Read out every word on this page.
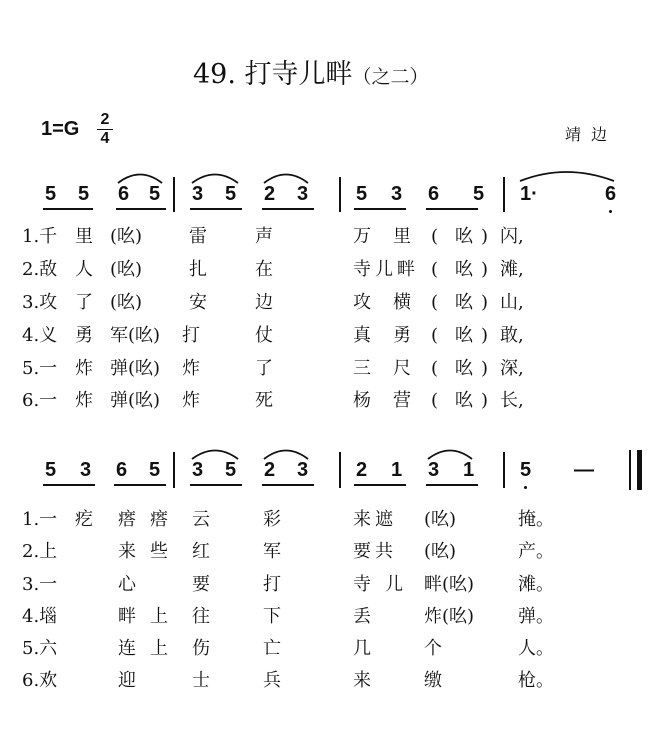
49. 打寺儿畔（之二）
1=G 2
4	靖边
5 5 6 5 3 5 2 3 5 3 6 5 1·	6
1.千 里 (吆)	雷	声	万 里 ( 吆 ) 闪,
2.敌 人 (吆)	扎	在	寺 儿 畔 ( 吆 ) 滩,
3.攻 了 (吆)	安	边	攻 横 ( 吆 ) 山,
4.义 勇 军(吆) 打	仗	真 勇 ( 吆 ) 敢,
5.一 炸 弹(吆) 炸	了	三 尺 ( 吆 ) 深,
6.一 炸 弹(吆) 炸	死	杨 营 ( 吆 ) 长,
5 3 6 5 3 5 2 3 2 1 3 1 5 —
1.一 疙 瘩 瘩 云	彩	来 遮 (吆)	掩。
2.上	来 些 红	军	要 共 (吆)	产。
3.一	心	要	打	寺 儿 畔(吆) 滩。
4.堖	畔 上 往	下	丢	炸(吆) 弹。
5.六	连 上 伤	亡	几	个	人。
6.欢	迎	士	兵	来	缴	枪。
